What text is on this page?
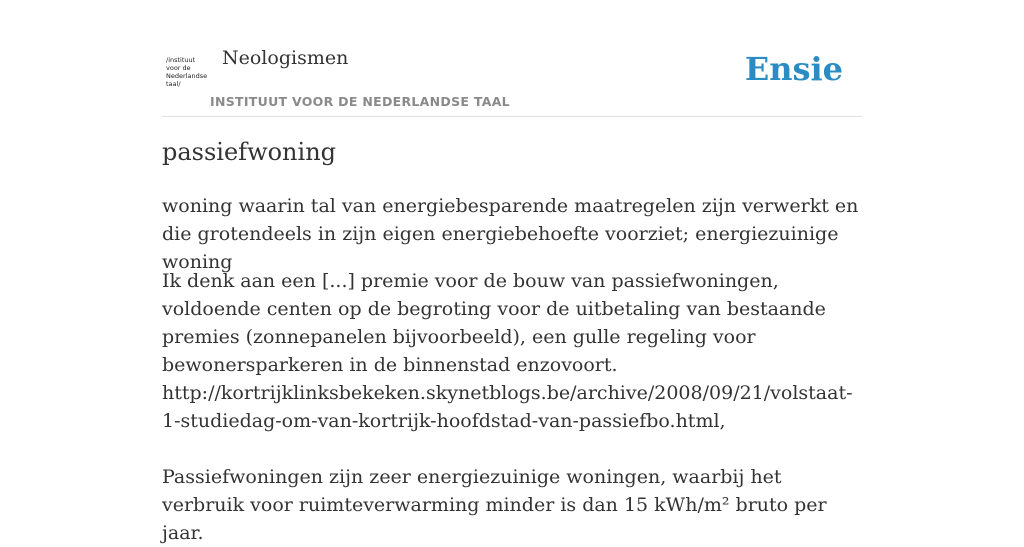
/instituut
voor de
Nederlandse
taal/
Neologismen
INSTITUUT VOOR DE NEDERLANDSE TAAL
Ensie
passiefwoning
woning waarin tal van energiebesparende maatregelen zijn verwerkt en die grotendeels in zijn eigen energiebehoefte voorziet; energiezuinige woning

Ik denk aan een [...] premie voor de bouw van passiefwoningen, voldoende centen op de begroting voor de uitbetaling van bestaande premies (zonnepanelen bijvoorbeeld), een gulle regeling voor bewonersparkeren in de binnenstad enzovoort.

http://kortrijklinksbekeken.skynetblogs.be/archive/2008/09/21/volstaat-1-studiedag-om-van-kortrijk-hoofdstad-van-passiefbo.html,

Passiefwoningen zijn zeer energiezuinige woningen, waarbij het verbruik voor ruimteverwarming minder is dan 15 kWh/m² bruto per jaar.
